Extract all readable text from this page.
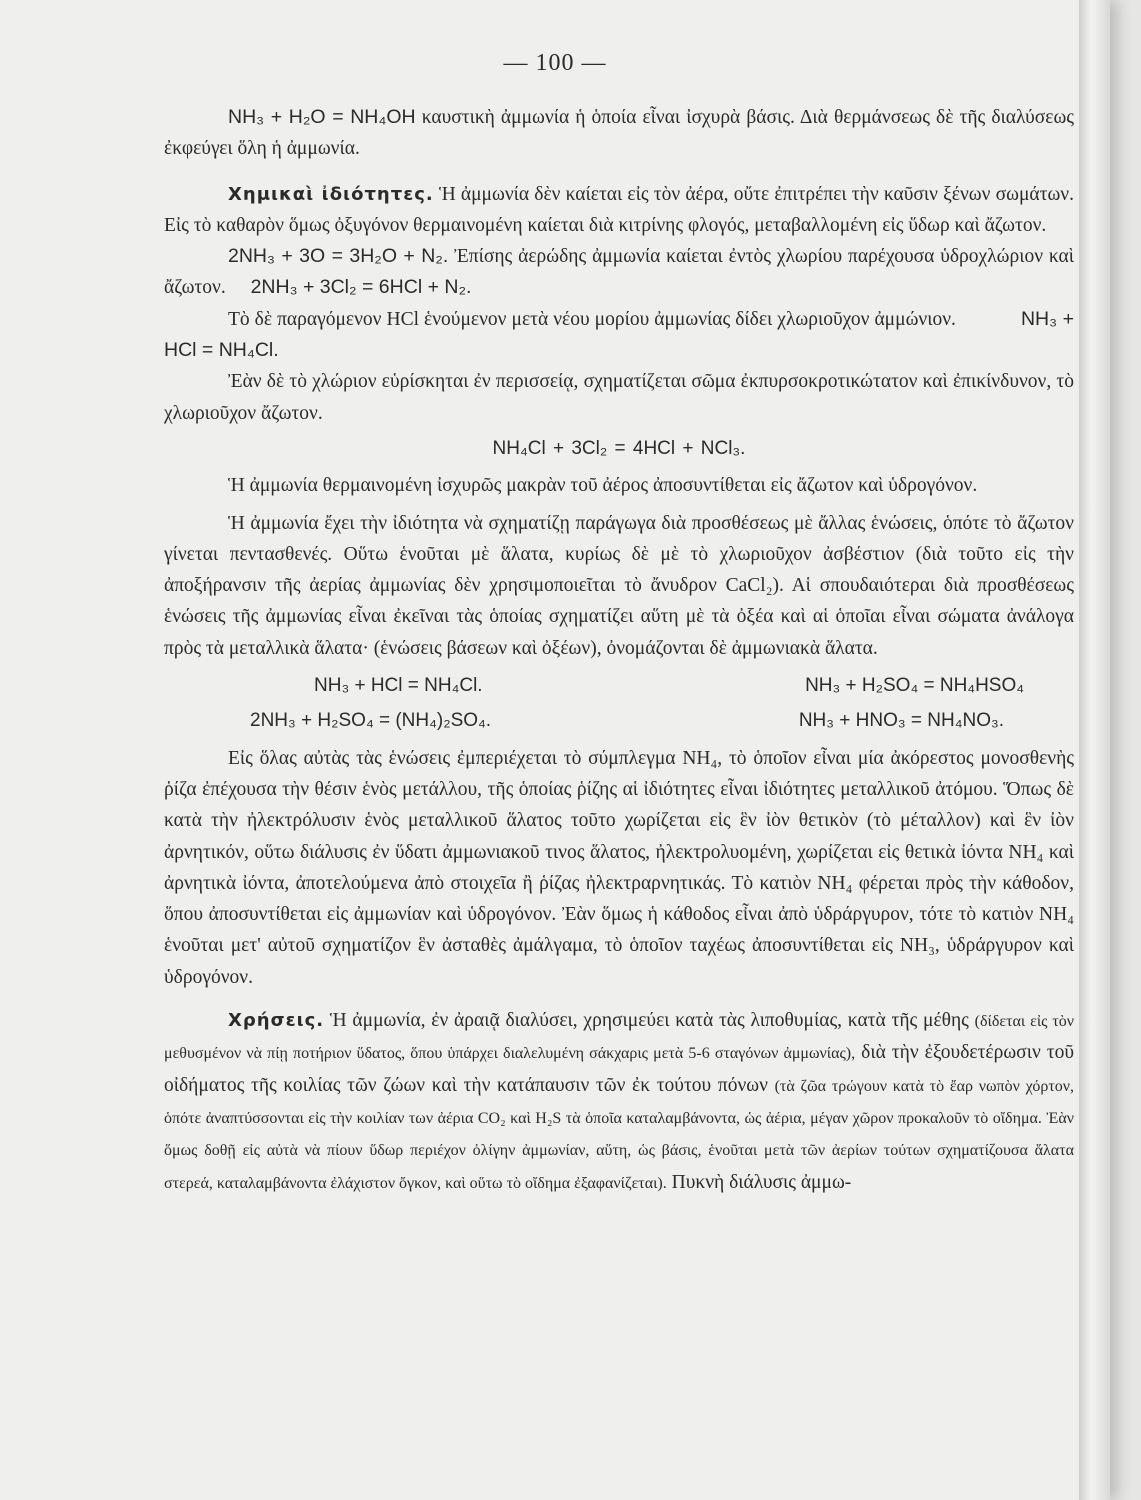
— 100 —

NH₃ + H₂O = NH₄OH καυστικὴ ἀμμωνία ἡ ὁποία εἶναι ἰσχυρὰ βάσις. Διὰ θερμάνσεως δὲ τῆς διαλύσεως ἐκφεύγει ὅλη ἡ ἀμμωνία.

Χημικαὶ ἰδιότητες. Ἡ ἀμμωνία δὲν καίεται εἰς τὸν ἀέρα, οὔτε ἐπιτρέπει τὴν καῦσιν ξένων σωμάτων. Εἰς τὸ καθαρὸν ὅμως ὀξυγόνον θερμαινομένη καίεται διὰ κιτρίνης φλογός, μεταβαλλομένη εἰς ὕδωρ καὶ ἄζωτον.

2NH₃ + 3O = 3H₂O + N₂. Ἐπίσης ἀερώδης ἀμμωνία καίεται ἐντὸς χλωρίου παρέχουσα ὑδροχλώριον καὶ ἄζωτον. 2NH₃ + 3Cl₂ = 6HCl + N₂.

Τὸ δὲ παραγόμενον HCl ἑνούμενον μετὰ νέου μορίου ἀμμωνίας δίδει χλωριοῦχον ἀμμώνιον.	NH₃ + HCl = NH₄Cl.

Ἐὰν δὲ τὸ χλώριον εὑρίσκηται ἐν περισσείᾳ, σχηματίζεται σῶμα ἐκπυρσοκροτικώτατον καὶ ἐπικίνδυνον, τὸ χλωριοῦχον ἄζωτον.

NH₄Cl + 3Cl₂ = 4HCl + NCl₃.

Ἡ ἀμμωνία θερμαινομένη ἰσχυρῶς μακρὰν τοῦ ἀέρος ἀποσυντίθεται εἰς ἄζωτον καὶ ὑδρογόνον.

Ἡ ἀμμωνία ἔχει τὴν ἰδιότητα νὰ σχηματίζῃ παράγωγα διὰ προσθέσεως μὲ ἄλλας ἑνώσεις, ὁπότε τὸ ἄζωτον γίνεται πεντασθενές. Οὕτω ἑνοῦται μὲ ἅλατα, κυρίως δὲ μὲ τὸ χλωριοῦχον ἀσβέστιον (διὰ τοῦτο εἰς τὴν ἀποξήρανσιν τῆς ἀερίας ἀμμωνίας δὲν χρησιμοποιεῖται τὸ ἄνυδρον CaCl₂). Αἱ σπουδαιότεραι διὰ προσθέσεως ἑνώσεις τῆς ἀμμωνίας εἶναι ἐκεῖναι τὰς ὁποίας σχηματίζει αὕτη μὲ τὰ ὀξέα καὶ αἱ ὁποῖαι εἶναι σώματα ἀνάλογα πρὸς τὰ μεταλλικὰ ἅλατα· (ἑνώσεις βάσεων καὶ ὀξέων), ὀνομάζονται δὲ ἀμμωνιακὰ ἅλατα.

NH₃ + HCl = NH₄Cl.	NH₃ + H₂SO₄ = NH₄HSO₄
2NH₃ + H₂SO₄ = (NH₄)₂SO₄.	NH₃ + HNO₃ = NH₄NO₃.

Εἰς ὅλας αὐτὰς τὰς ἑνώσεις ἐμπεριέχεται τὸ σύμπλεγμα NH₄, τὸ ὁποῖον εἶναι μία ἀκόρεστος μονοσθενὴς ῥίζα ἐπέχουσα τὴν θέσιν ἑνὸς μετάλλου, τῆς ὁποίας ῥίζης αἱ ἰδιότητες εἶναι ἰδιότητες μεταλλικοῦ ἀτόμου. Ὅπως δὲ κατὰ τὴν ἠλεκτρόλυσιν ἑνὸς μεταλλικοῦ ἅλατος τοῦτο χωρίζεται εἰς ἓν ἰὸν θετικὸν (τὸ μέταλλον) καὶ ἓν ἰὸν ἀρνητικόν, οὕτω διάλυσις ἐν ὕδατι ἀμμωνιακοῦ τινος ἅλατος, ἠλεκτρολυομένη, χωρίζεται εἰς θετικὰ ἰόντα NH₄ καὶ ἀρνητικὰ ἰόντα, ἀποτελούμενα ἀπὸ στοιχεῖα ἢ ῥίζας ἠλεκτραρνητικάς. Τὸ κατιὸν NH₄ φέρεται πρὸς τὴν κάθοδον, ὅπου ἀποσυντίθεται εἰς ἀμμωνίαν καὶ ὑδρογόνον. Ἐὰν ὅμως ἡ κάθοδος εἶναι ἀπὸ ὑδράργυρον, τότε τὸ κατιὸν NH₄ ἑνοῦται μετ' αὐτοῦ σχηματίζον ἓν ἀσταθὲς ἀμάλγαμα, τὸ ὁποῖον ταχέως ἀποσυντίθεται εἰς NH₃, ὑδράργυρον καὶ ὑδρογόνον.

Χρήσεις. Ἡ ἀμμωνία, ἐν ἀραιᾷ διαλύσει, χρησιμεύει κατὰ τὰς λιποθυμίας, κατὰ τῆς μέθης (δίδεται εἰς τὸν μεθυσμένον νὰ πίῃ ποτήριον ὕδατος, ὅπου ὑπάρχει διαλελυμένη σάκχαρις μετὰ 5-6 σταγόνων ἀμμωνίας), διὰ τὴν ἐξουδετέρωσιν τοῦ οἰδήματος τῆς κοιλίας τῶν ζώων καὶ τὴν κατάπαυσιν τῶν ἐκ τούτου πόνων (τὰ ζῶα τρώγουν κατὰ τὸ ἔαρ νωπὸν χόρτον, ὁπότε ἀναπτύσσονται εἰς τὴν κοιλίαν των ἀέρια CO₂ καὶ H₂S τὰ ὁποῖα καταλαμβάνοντα, ὡς ἀέρια, μέγαν χῶρον προκαλοῦν τὸ οἴδημα. Ἐὰν ὅμως δοθῇ εἰς αὐτὰ νὰ πίουν ὕδωρ περιέχον ὀλίγην ἀμμωνίαν, αὕτη, ὡς βάσις, ἑνοῦται μετὰ τῶν ἀερίων τούτων σχηματίζουσα ἅλατα στερεά, καταλαμβάνοντα ἐλάχιστον ὄγκον, καὶ οὕτω τὸ οἴδημα ἐξαφανίζεται). Πυκνὴ διάλυσις ἀμμω-
